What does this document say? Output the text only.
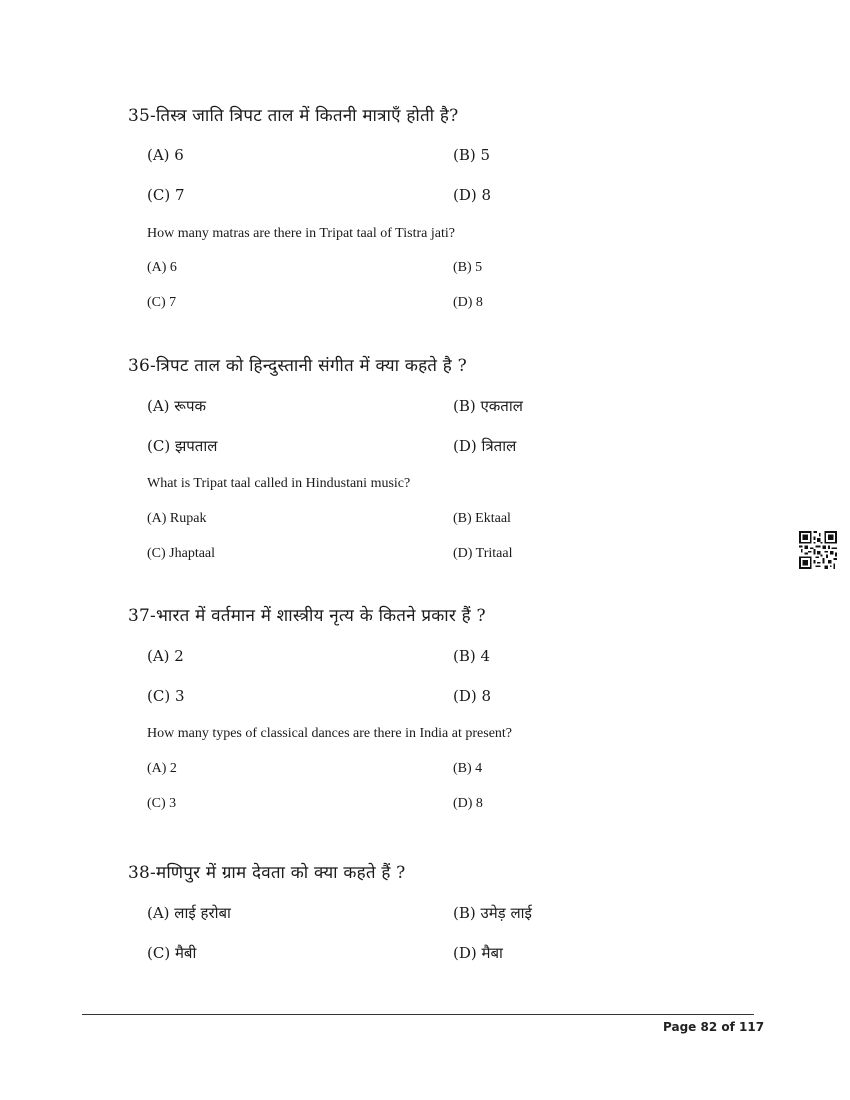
35-तिस्त्र जाति त्रिपट ताल में कितनी मात्राएँ होती है?
(A) 6	(B) 5
(C) 7	(D) 8
How many matras are there in Tripat taal of Tistra jati?
(A) 6	(B) 5
(C) 7	(D) 8
36-त्रिपट ताल को हिन्दुस्तानी संगीत में क्या कहते है ?
(A) रूपक	(B) एकताल
(C) झपताल	(D) त्रिताल
What is Tripat taal called in Hindustani music?
(A) Rupak	(B) Ektaal
(C) Jhaptaal	(D) Tritaal
37-भारत में वर्तमान में शास्त्रीय नृत्य के कितने प्रकार हैं ?
(A) 2	(B) 4
(C) 3	(D) 8
How many types of classical dances are there in India at present?
(A) 2	(B) 4
(C) 3	(D) 8
38-मणिपुर में ग्राम देवता को क्या कहते हैं ?
(A) लाई हरोबा	(B) उमेड़ लाई
(C) मैबी	(D) मैबा
Page 82 of 117
